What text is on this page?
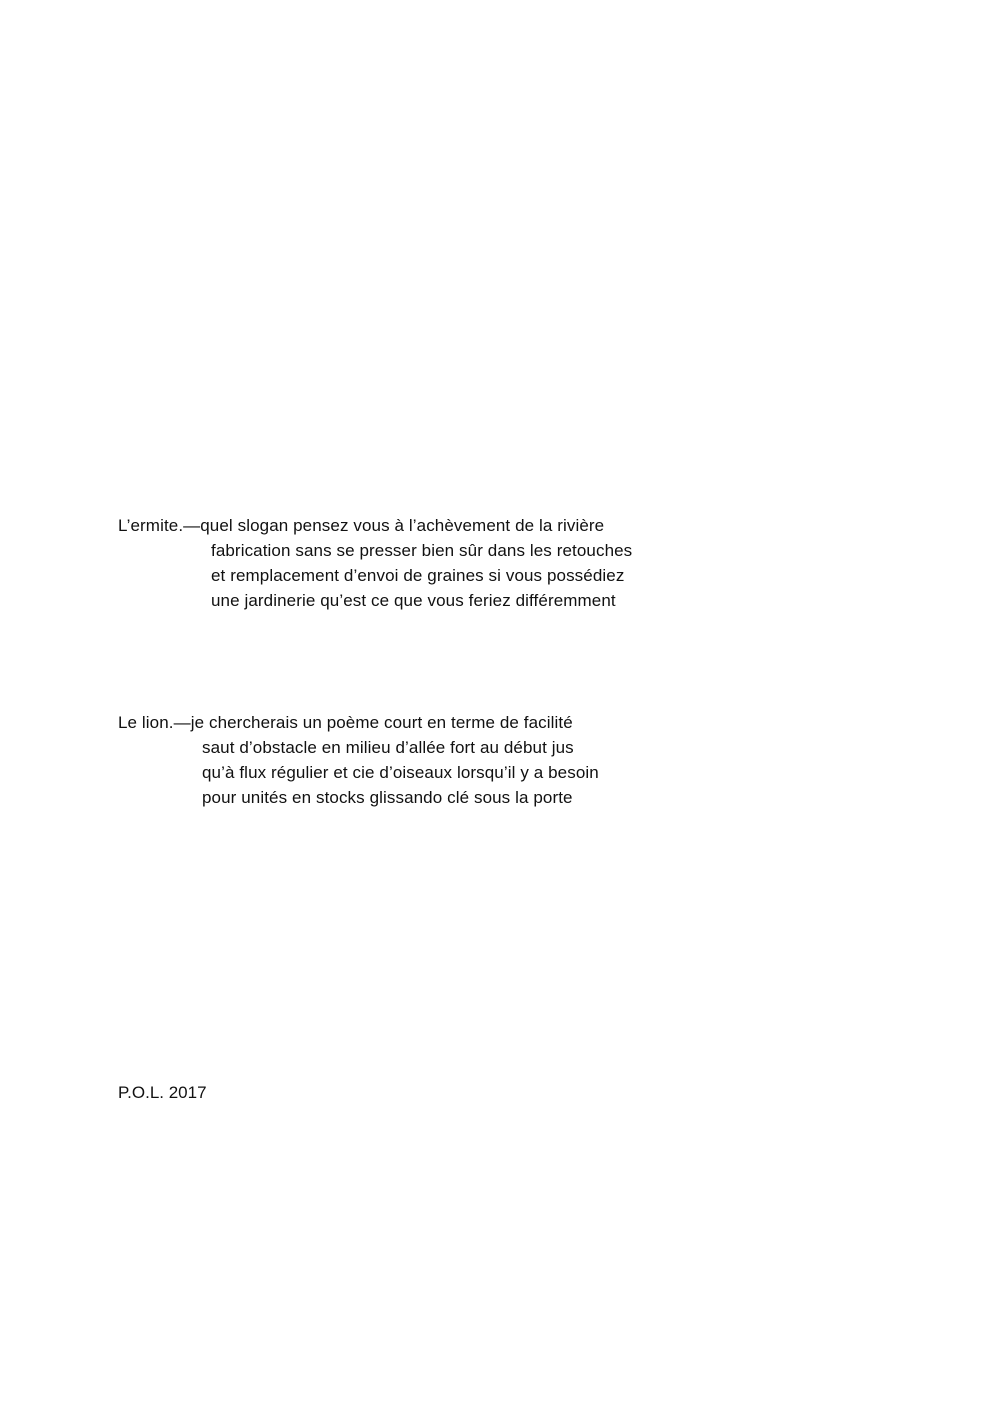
L’ermite.—quel slogan pensez vous à l’achèvement de la rivière
fabrication sans se presser bien sûr dans les retouches
et remplacement d’envoi de graines si vous possédiez
une jardinerie qu’est ce que vous feriez différemment
Le lion.—je chercherais un poème court en terme de facilité
saut d’obstacle en milieu d’allée fort au début jus
qu’à flux régulier et cie d’oiseaux lorsqu’il y a besoin
pour unités en stocks glissando clé sous la porte
P.O.L. 2017
